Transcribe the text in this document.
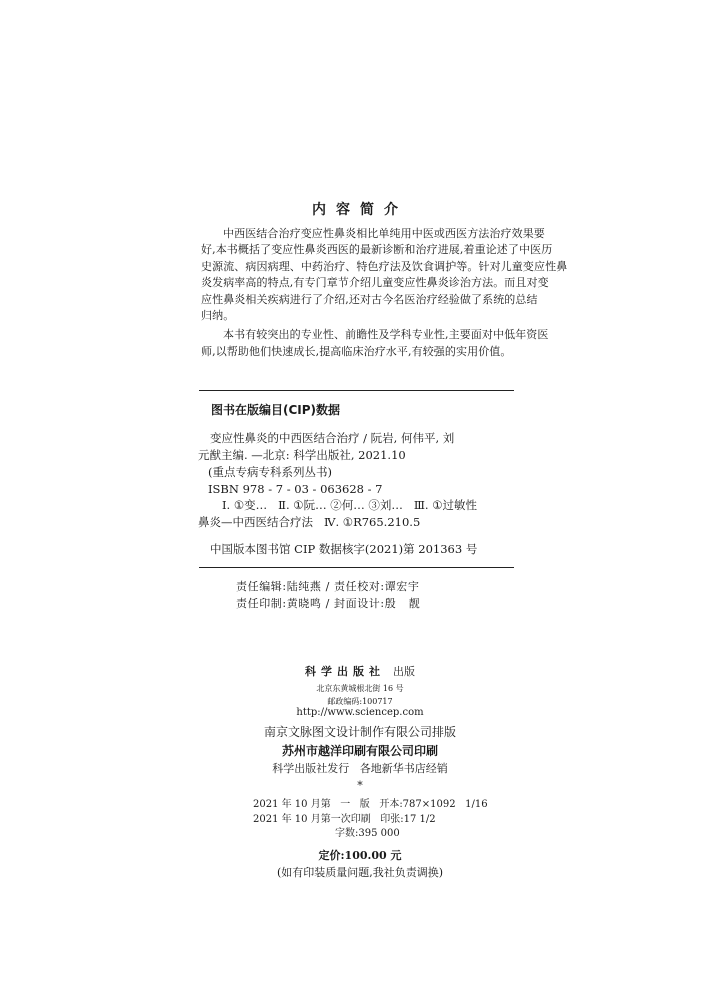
内容简介

中西医结合治疗变应性鼻炎相比单纯用中医或西医方法治疗效果要
好,本书概括了变应性鼻炎西医的最新诊断和治疗进展,着重论述了中医历
史源流、病因病理、中药治疗、特色疗法及饮食调护等。针对儿童变应性鼻
炎发病率高的特点,有专门章节介绍儿童变应性鼻炎诊治方法。而且对变
应性鼻炎相关疾病进行了介绍,还对古今名医治疗经验做了系统的总结
归纳。

本书有较突出的专业性、前瞻性及学科专业性,主要面对中低年资医
师,以帮助他们快速成长,提高临床治疗水平,有较强的实用价值。

图书在版编目(CIP)数据
变应性鼻炎的中西医结合治疗 / 阮岩, 何伟平, 刘
元猷主编. —北京: 科学出版社, 2021.10
(重点专病专科系列丛书)
ISBN 978 - 7 - 03 - 063628 - 7
Ⅰ. ①变…   Ⅱ. ①阮… ②何… ③刘…   Ⅲ. ①过敏性
鼻炎—中西医结合疗法   Ⅳ. ①R765.210.5
中国版本图书馆 CIP 数据核字(2021)第 201363 号
责任编辑:陆纯燕 / 责任校对:谭宏宇
责任印制:黄晓鸣 / 封面设计:殷   靓
科学出版社 出版
北京东黄城根北街 16 号
邮政编码:100717
http://www.sciencep.com
南京文脉图文设计制作有限公司排版
苏州市越洋印刷有限公司印刷
科学出版社发行   各地新华书店经销
*
2021 年 10 月第   一   版   开本:787×1092   1/16
2021 年 10 月第一次印刷   印张:17 1/2
字数:395 000
定价:100.00 元
(如有印装质量问题,我社负责调换)
